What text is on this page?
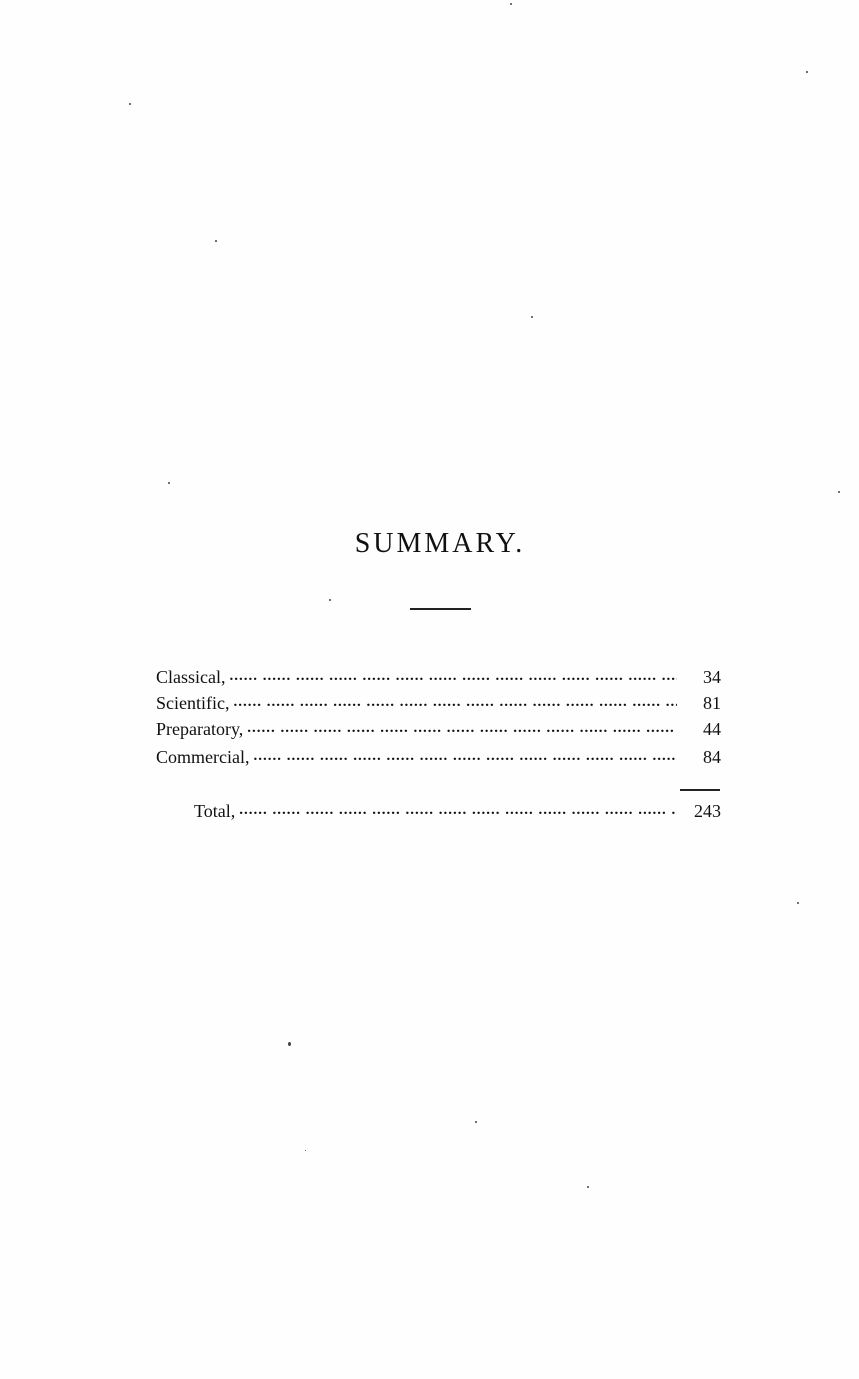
SUMMARY.
Classical, .....	34
Scientific, .....	81
Preparatory, .....	44
Commercial, .....	84
Total, .....	243
